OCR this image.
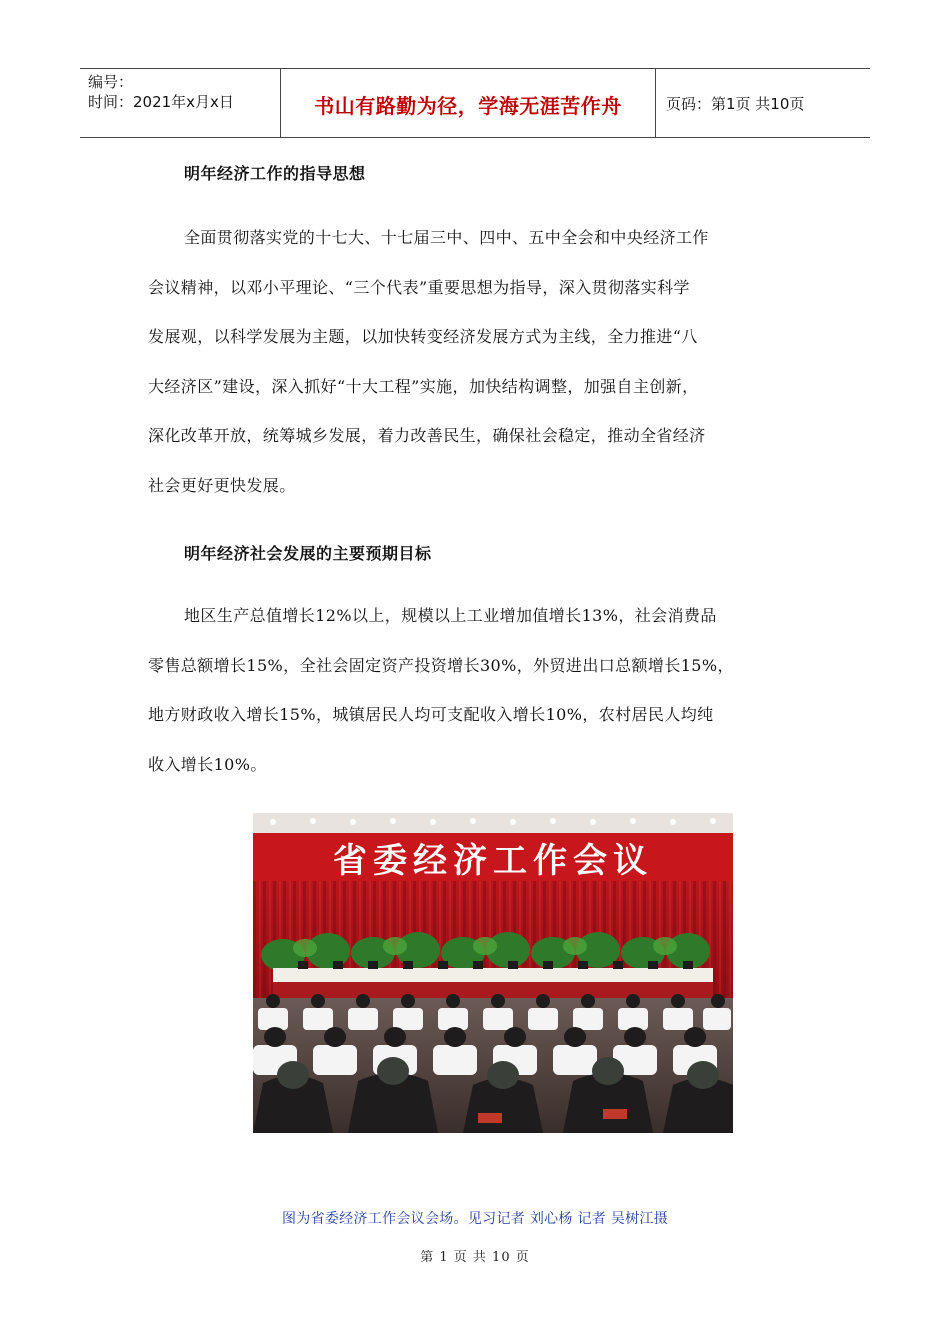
编号：
时间：2021年x月x日	书山有路勤为径，学海无涯苦作舟	页码：第1页 共10页
明年经济工作的指导思想
全面贯彻落实党的十七大、十七届三中、四中、五中全会和中央经济工作
会议精神，以邓小平理论、“三个代表”重要思想为指导，深入贯彻落实科学
发展观，以科学发展为主题，以加快转变经济发展方式为主线，全力推进“八
大经济区”建设，深入抓好“十大工程”实施，加快结构调整，加强自主创新，
深化改革开放，统筹城乡发展，着力改善民生，确保社会稳定，推动全省经济
社会更好更快发展。
明年经济社会发展的主要预期目标
地区生产总值增长12%以上，规模以上工业增加值增长13%，社会消费品
零售总额增长15%，全社会固定资产投资增长30%，外贸进出口总额增长15%，
地方财政收入增长15%，城镇居民人均可支配收入增长10%，农村居民人均纯
收入增长10%。
省委经济工作会议
图为省委经济工作会议会场。见习记者 刘心杨 记者 吴树江摄
第 1 页 共 10 页
